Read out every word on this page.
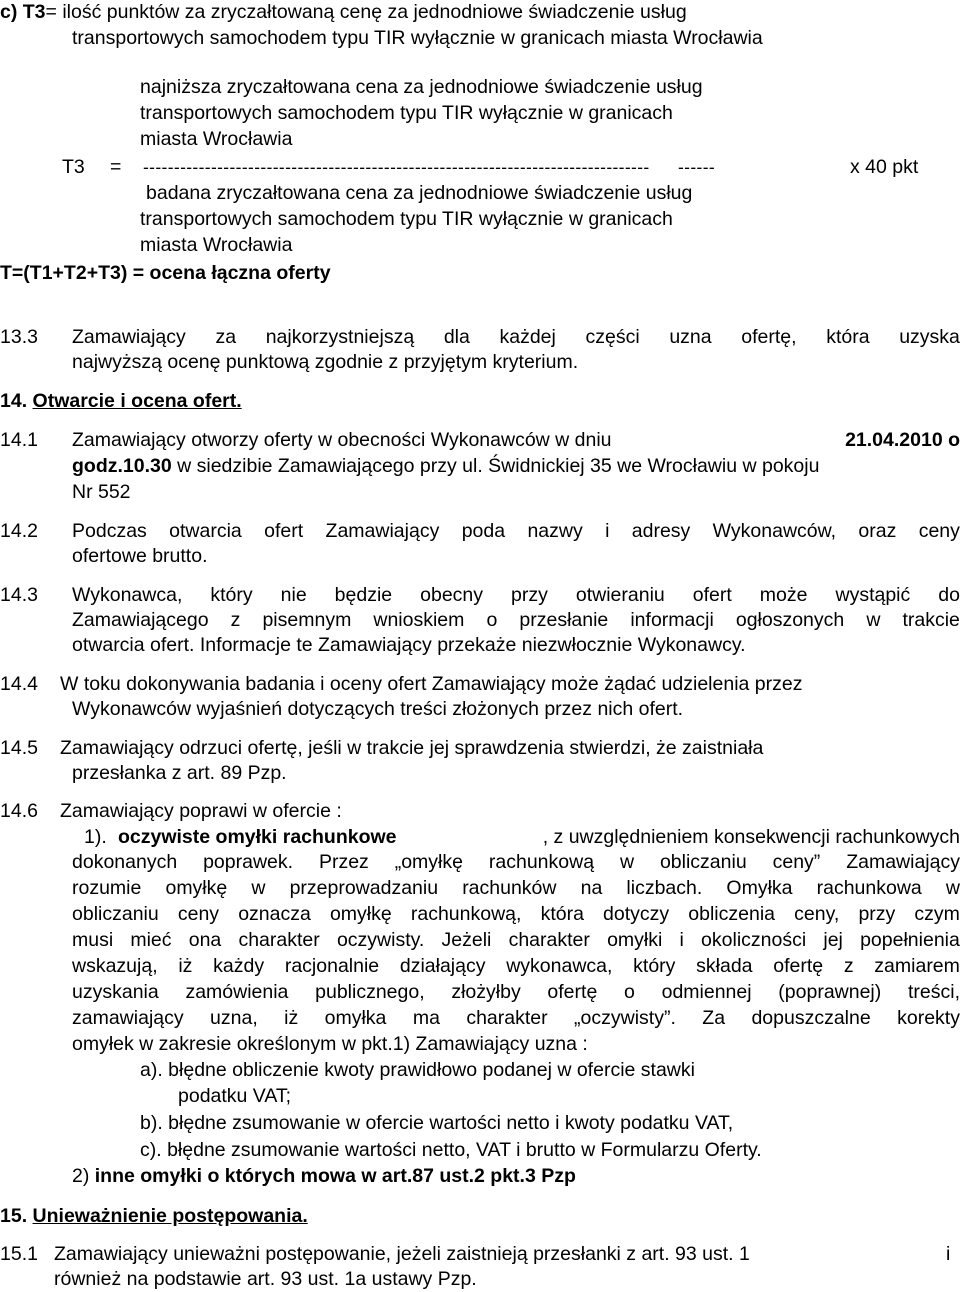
c) T3= ilość punktów za zryczałtowaną cenę za jednodniowe świadczenie usług
transportowych samochodem typu TIR wyłącznie w granicach miasta Wrocławia
najniższa zryczałtowana cena za jednodniowe świadczenie usług
transportowych samochodem typu TIR wyłącznie w granicach
miasta Wrocławia
T3 = ---------------------------------------------------------------------------------- ------	x 40 pkt
badana zryczałtowana cena za jednodniowe świadczenie usług
transportowych samochodem typu TIR wyłącznie w granicach
miasta Wrocławia
T=(T1+T2+T3) = ocena łączna oferty
13.3 Zamawiający za najkorzystniejszą dla każdej części uzna ofertę, która uzyska
najwyższą ocenę punktową zgodnie z przyjętym kryterium.
14. Otwarcie i ocena ofert.
14.1 Zamawiający otworzy oferty w obecności Wykonawców w dniu	21.04.2010 o
godz.10.30 w siedzibie Zamawiającego przy ul. Świdnickiej 35 we Wrocławiu w pokoju
Nr 552
14.2 Podczas otwarcia ofert Zamawiający poda nazwy i adresy Wykonawców, oraz ceny
ofertowe brutto.
14.3 Wykonawca, który nie będzie obecny przy otwieraniu ofert może wystąpić do
Zamawiającego z pisemnym wnioskiem o przesłanie informacji ogłoszonych w trakcie
otwarcia ofert. Informacje te Zamawiający przekaże niezwłocznie Wykonawcy.
14.4 W toku dokonywania badania i oceny ofert Zamawiający może żądać udzielenia przez
Wykonawców wyjaśnień dotyczących treści złożonych przez nich ofert.
14.5 Zamawiający odrzuci ofertę, jeśli w trakcie jej sprawdzenia stwierdzi, że zaistniała
przesłanka z art. 89 Pzp.
14.6 Zamawiający poprawi w ofercie :
1). oczywiste omyłki rachunkowe	, z uwzględnieniem konsekwencji rachunkowych
dokonanych poprawek. Przez „omyłkę rachunkową w obliczaniu ceny” Zamawiający
rozumie omyłkę w przeprowadzaniu rachunków na liczbach. Omyłka rachunkowa w
obliczaniu ceny oznacza omyłkę rachunkową, która dotyczy obliczenia ceny, przy czym
musi mieć ona charakter oczywisty. Jeżeli charakter omyłki i okoliczności jej popełnienia
wskazują, iż każdy racjonalnie działający wykonawca, który składa ofertę z zamiarem
uzyskania zamówienia publicznego, złożyłby ofertę o odmiennej (poprawnej) treści,
zamawiający uzna, iż omyłka ma charakter „oczywisty”. Za dopuszczalne korekty
omyłek w zakresie określonym w pkt.1) Zamawiający uzna :
a). błędne obliczenie kwoty prawidłowo podanej w ofercie stawki
podatku VAT;
b). błędne zsumowanie w ofercie wartości netto i kwoty podatku VAT,
c). błędne zsumowanie wartości netto, VAT i brutto w Formularzu Oferty.
2) inne omyłki o których mowa w art.87 ust.2 pkt.3 Pzp
15. Unieważnienie postępowania.
15.1 Zamawiający unieważni postępowanie, jeżeli zaistnieją przesłanki z art. 93 ust. 1	i
również na podstawie art. 93 ust. 1a ustawy Pzp.
